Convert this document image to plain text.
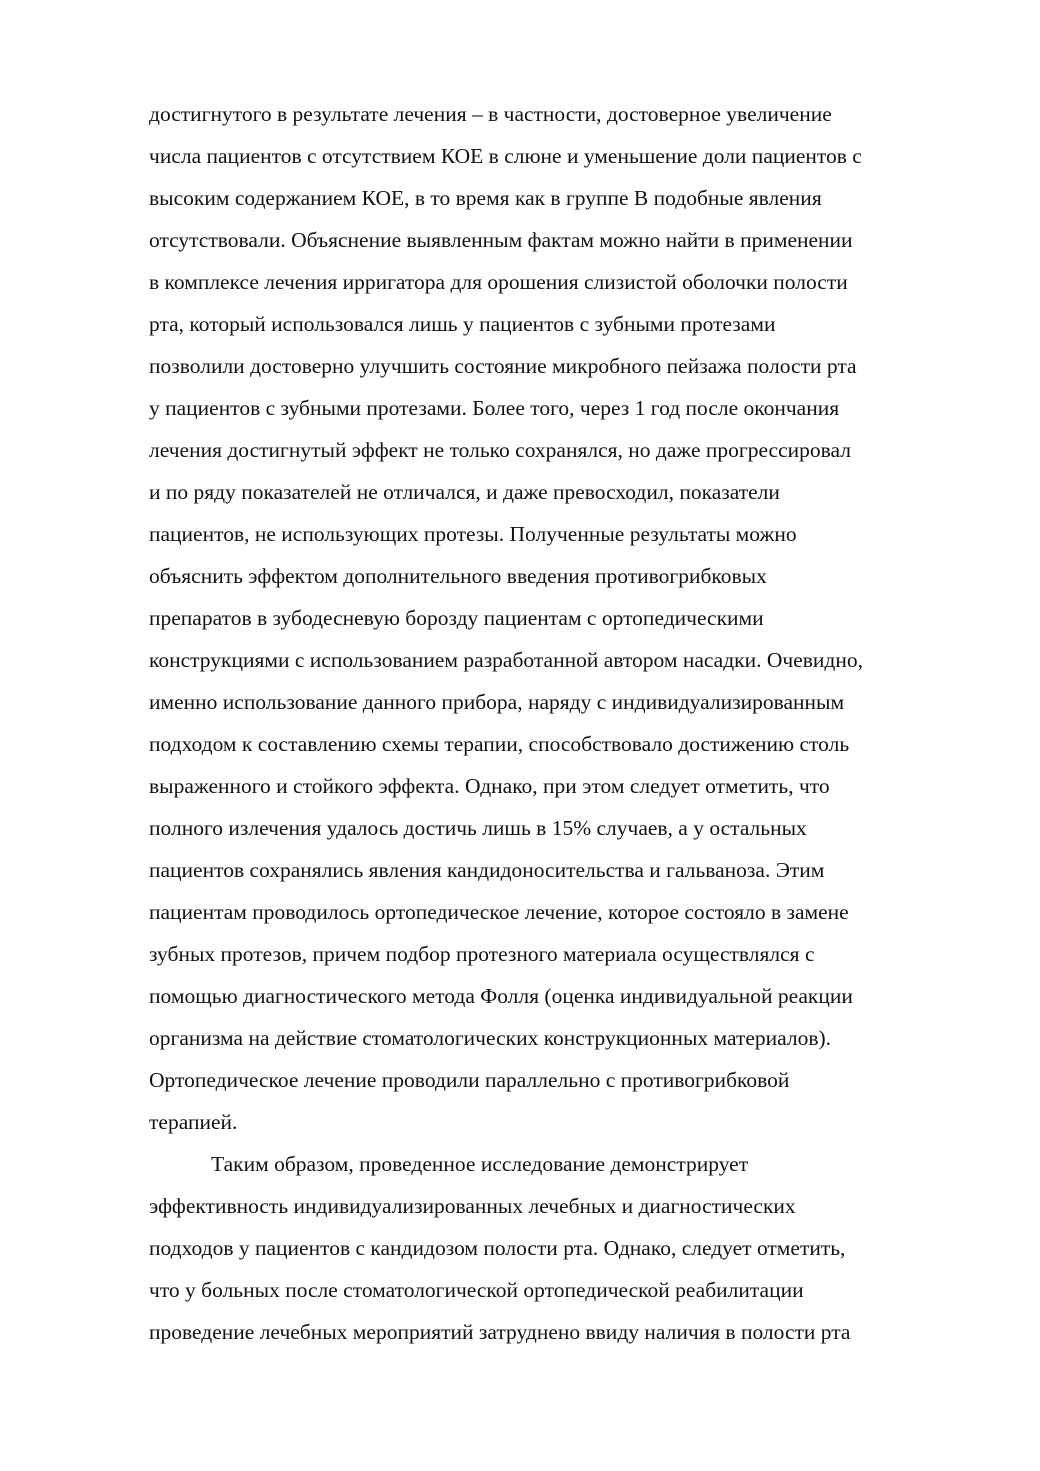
достигнутого в результате лечения – в частности, достоверное увеличение
числа пациентов с отсутствием КОЕ в слюне и уменьшение доли пациентов с
высоким содержанием КОЕ, в то время как в группе В подобные явления
отсутствовали. Объяснение выявленным фактам можно найти в применении
в комплексе лечения ирригатора для орошения слизистой оболочки полости
рта, который использовался лишь у пациентов с зубными протезами
позволили достоверно улучшить состояние микробного пейзажа полости рта
у пациентов с зубными протезами. Более того, через 1 год после окончания
лечения достигнутый эффект не только сохранялся, но даже прогрессировал
и по ряду показателей не отличался, и даже превосходил, показатели
пациентов, не использующих протезы. Полученные результаты можно
объяснить эффектом дополнительного введения противогрибковых
препаратов в зубодесневую борозду пациентам с ортопедическими
конструкциями с использованием разработанной автором насадки. Очевидно,
именно использование данного прибора, наряду с индивидуализированным
подходом к составлению схемы терапии, способствовало достижению столь
выраженного и стойкого эффекта. Однако, при этом следует отметить, что
полного излечения удалось достичь лишь в 15% случаев, а у остальных
пациентов сохранялись явления кандидоносительства и гальваноза. Этим
пациентам проводилось ортопедическое лечение, которое состояло в замене
зубных протезов, причем подбор протезного материала осуществлялся с
помощью диагностического метода Фолля (оценка индивидуальной реакции
организма на действие стоматологических конструкционных материалов).
Ортопедическое лечение проводили параллельно с противогрибковой
терапией.
Таким образом, проведенное исследование демонстрирует
эффективность индивидуализированных лечебных и диагностических
подходов у пациентов с кандидозом полости рта. Однако, следует отметить,
что у больных после стоматологической ортопедической реабилитации
проведение лечебных мероприятий затруднено ввиду наличия в полости рта
